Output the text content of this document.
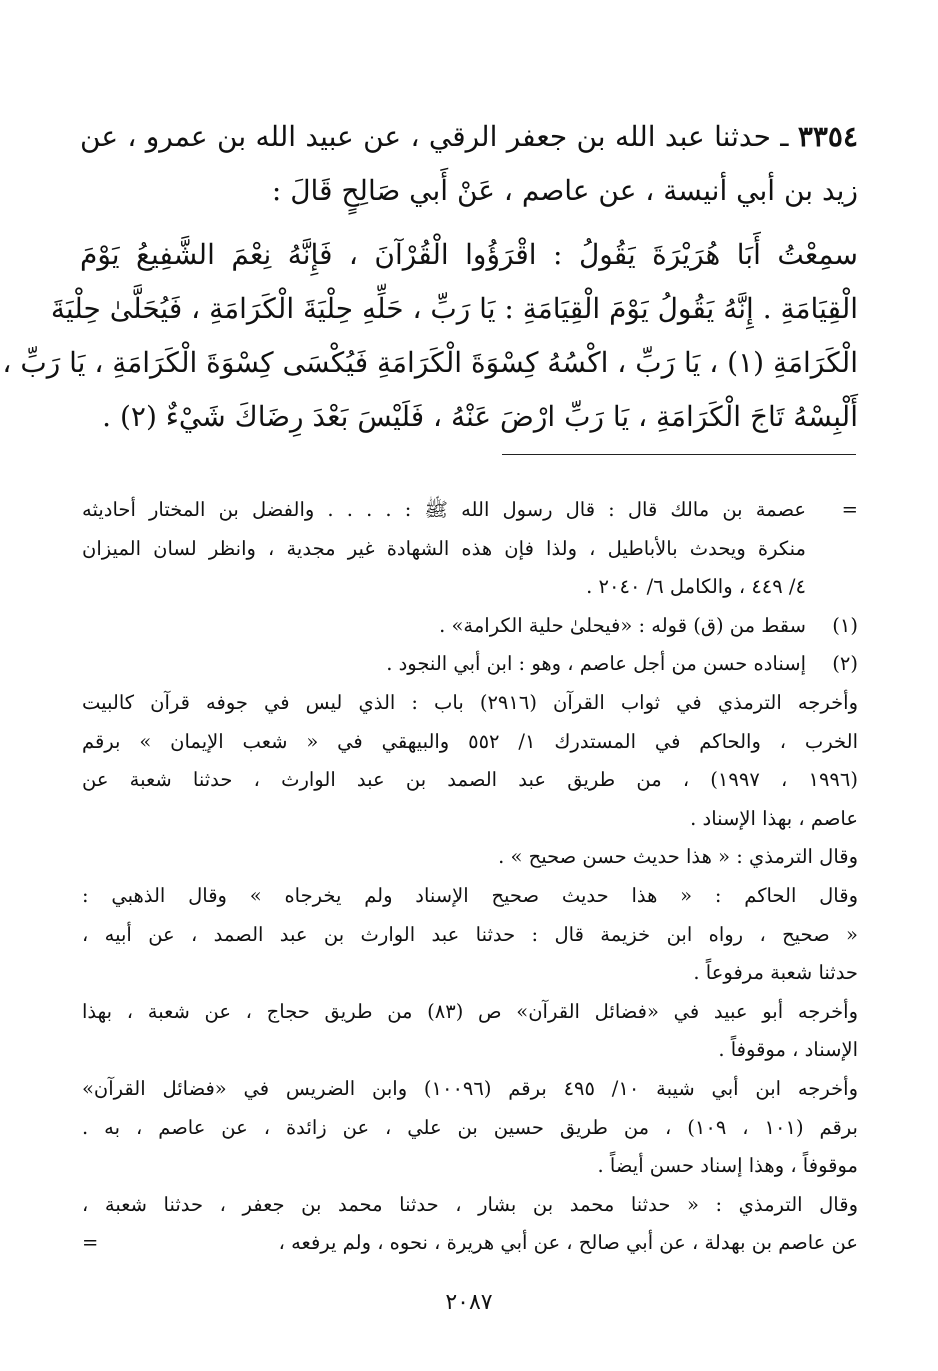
٣٣٥٤ ـ حدثنا عبد الله بن جعفر الرقي ، عن عبيد الله بن عمرو ، عن
زيد بن أبي أنيسة ، عن عاصم ، عَنْ أَبي صَالِحٍ قَالَ :
سمِعْتُ أَبَا هُرَيْرَةَ يَقُولُ : اقْرَؤُوا الْقُرْآنَ ، فَإِنَّهُ نِعْمَ الشَّفِيعُ يَوْمَ
الْقِيَامَةِ . إِنَّهُ يَقُولُ يَوْمَ الْقِيَامَةِ : يَا رَبِّ ، حَلِّهِ حِلْيَةَ الْكَرَامَةِ ، فَيُحَلَّىٰ حِلْيَةَ
الْكَرَامَةِ (١) ، يَا رَبِّ ، اكْسُهُ كِسْوَةَ الْكَرَامَةِ فَيُكْسَى كِسْوَةَ الْكَرَامَةِ ، يَا رَبِّ ،
أَلْبِسْهُ تَاجَ الْكَرَامَةِ ، يَا رَبِّ ارْضَ عَنْهُ ، فَلَيْسَ بَعْدَ رِضَاكَ شَيْءٌ (٢) .
=
عصمة بن مالك قال : قال رسول الله ﷺ : . . . . والفضل بن المختار أحاديثه
منكرة ويحدث بالأباطيل ، ولذا فإن هذه الشهادة غير مجدية ، وانظر لسان الميزان
٤/ ٤٤٩ ، والكامل ٦/ ٢٠٤٠ .
(١)
سقط من (ق) قوله : «فيحلىٰ حلية الكرامة» .
(٢)
إسناده حسن من أجل عاصم ، وهو : ابن أبي النجود .
وأخرجه الترمذي في ثواب القرآن (٢٩١٦) باب : الذي ليس في جوفه قرآن كالبيت
الخرب ، والحاكم في المستدرك ١/ ٥٥٢ والبيهقي في « شعب الإيمان » برقم
(١٩٩٦ ، ١٩٩٧) ، من طريق عبد الصمد بن عبد الوارث ، حدثنا شعبة عن
عاصم ، بهذا الإسناد .
وقال الترمذي : « هذا حديث حسن صحيح » .
وقال الحاكم : « هذا حديث صحيح الإسناد ولم يخرجاه » وقال الذهبي :
« صحيح ، رواه ابن خزيمة قال : حدثنا عبد الوارث بن عبد الصمد ، عن أبيه ،
حدثنا شعبة مرفوعاً .
وأخرجه أبو عبيد في «فضائل القرآن» ص (٨٣) من طريق حجاج ، عن شعبة ، بهذا
الإسناد ، موقوفاً .
وأخرجه ابن أبي شيبة ١٠/ ٤٩٥ برقم (١٠٠٩٦) وابن الضريس في «فضائل القرآن»
برقم (١٠١ ، ١٠٩) ، من طريق حسين بن علي ، عن زائدة ، عن عاصم ، به .
موقوفاً ، وهذا إسناد حسن أيضاً .
وقال الترمذي : « حدثنا محمد بن بشار ، حدثنا محمد بن جعفر ، حدثنا شعبة ،
عن عاصم بن بهدلة ، عن أبي صالح ، عن أبي هريرة ، نحوه ، ولم يرفعه ،
=
٢٠٨٧
